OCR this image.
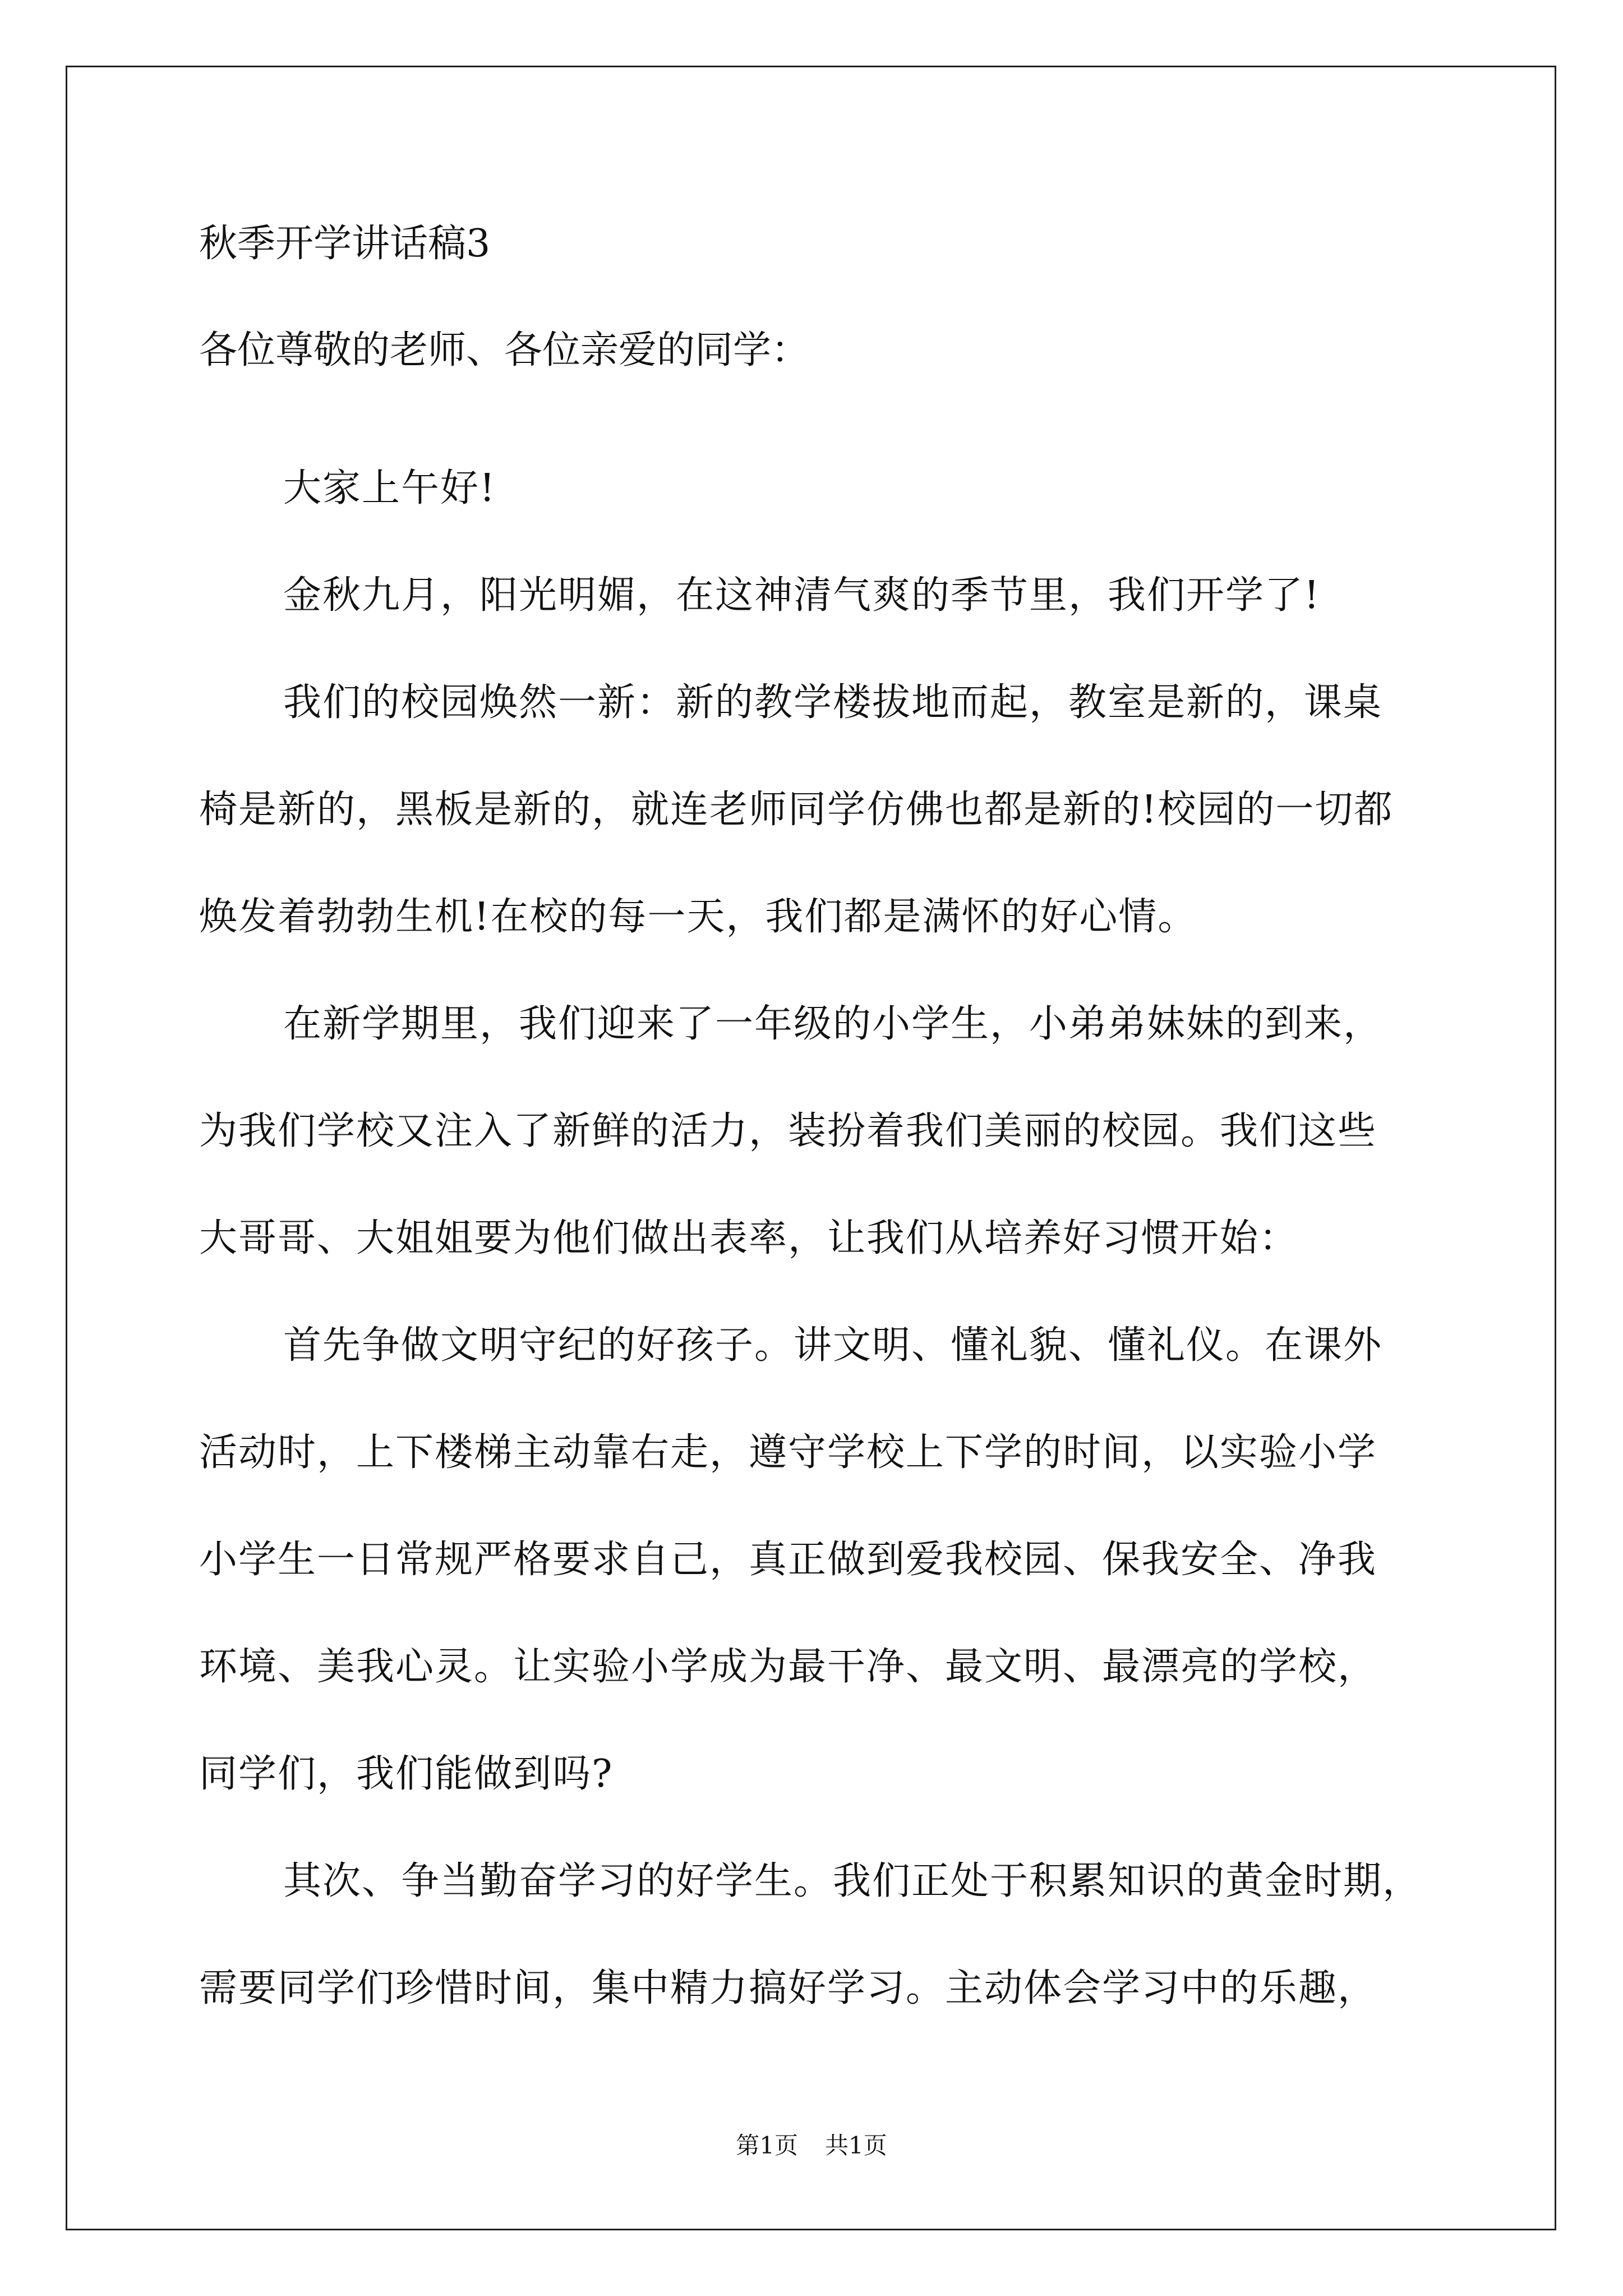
秋季开学讲话稿3
各位尊敬的老师、各位亲爱的同学：

大家上午好!

金秋九月，阳光明媚，在这神清气爽的季节里，我们开学了!

我们的校园焕然一新：新的教学楼拔地而起，教室是新的，课桌
椅是新的，黑板是新的，就连老师同学仿佛也都是新的!校园的一切都
焕发着勃勃生机!在校的每一天，我们都是满怀的好心情。

在新学期里，我们迎来了一年级的小学生，小弟弟妹妹的到来，
为我们学校又注入了新鲜的活力，装扮着我们美丽的校园。我们这些
大哥哥、大姐姐要为他们做出表率，让我们从培养好习惯开始：

首先争做文明守纪的好孩子。讲文明、懂礼貌、懂礼仪。在课外
活动时，上下楼梯主动靠右走，遵守学校上下学的时间，以实验小学
小学生一日常规严格要求自己，真正做到爱我校园、保我安全、净我
环境、美我心灵。让实验小学成为最干净、最文明、最漂亮的学校，
同学们，我们能做到吗?

其次、争当勤奋学习的好学生。我们正处于积累知识的黄金时期，
需要同学们珍惜时间，集中精力搞好学习。主动体会学习中的乐趣，

第1页 共1页
